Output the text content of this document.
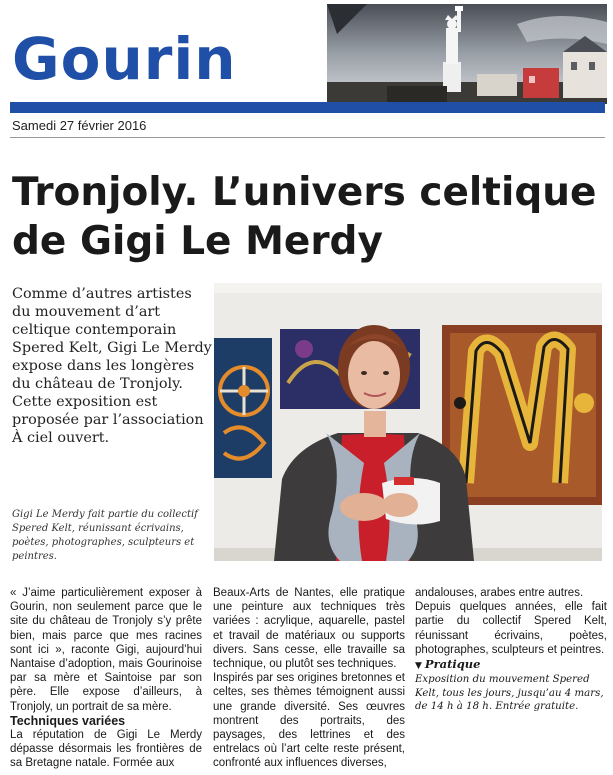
Gourin
Samedi 27 février 2016
Tronjoly. L’univers celtique
de Gigi Le Merdy

Comme d’autres artistes du mouvement d’art celtique contemporain Spered Kelt, Gigi Le Merdy expose dans les longères du château de Tronjoly. Cette exposition est proposée par l’association À ciel ouvert.

Gigi Le Merdy fait partie du collectif Spered Kelt, réunissant écrivains, poètes, photographes, sculpteurs et peintres.

« J’aime particulièrement exposer à Gourin, non seulement parce que le site du château de Tronjoly s’y prête bien, mais parce que mes racines sont ici », raconte Gigi, aujourd’hui Nantaise d’adoption, mais Gourinoise par sa mère et Saintoise par son père. Elle expose d’ailleurs, à Tronjoly, un portrait de sa mère.

Techniques variées

La réputation de Gigi Le Merdy dépasse désormais les frontières de sa Bretagne natale. Formée aux

Beaux-Arts de Nantes, elle pratique une peinture aux techniques très variées : acrylique, aquarelle, pastel et travail de matériaux ou supports divers. Sans cesse, elle travaille sa technique, ou plutôt ses techniques.

Inspirés par ses origines bretonnes et celtes, ses thèmes témoignent aussi une grande diversité. Ses œuvres montrent des portraits, des paysages, des lettrines et des entrelacs où l’art celte reste présent, confronté aux influences diverses,

andalouses, arabes entre autres.

Depuis quelques années, elle fait partie du collectif Spered Kelt, réunissant écrivains, poètes, photographes, sculpteurs et peintres.

▼ Pratique

Exposition du mouvement Spered Kelt, tous les jours, jusqu’au 4 mars, de 14 h à 18 h. Entrée gratuite.
